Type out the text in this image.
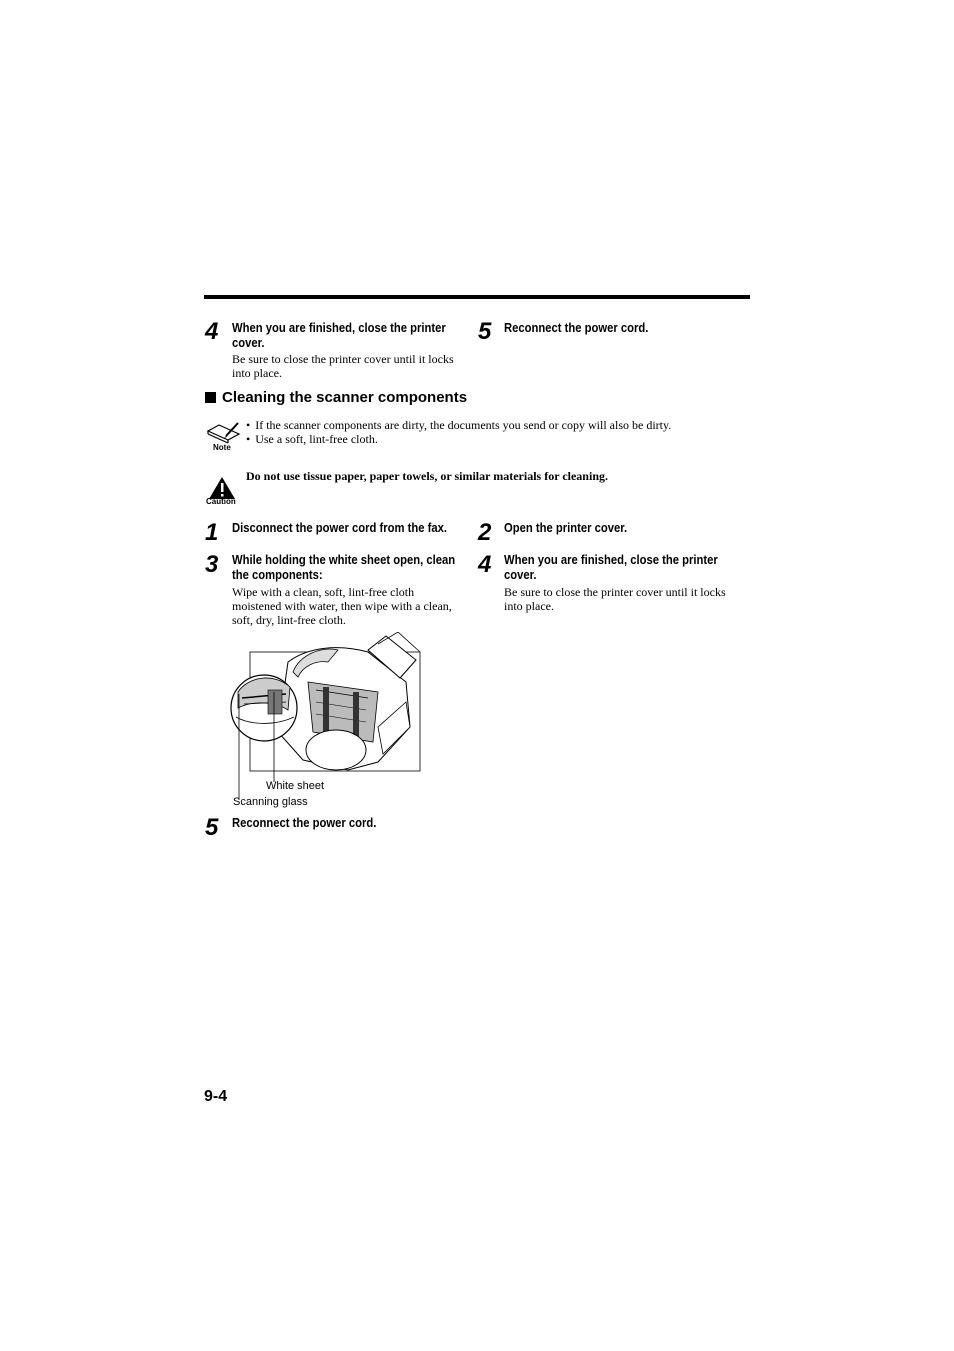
4 When you are finished, close the printer cover.
Be sure to close the printer cover until it locks into place.
5 Reconnect the power cord.
Cleaning the scanner components
Note
• If the scanner components are dirty, the documents you send or copy will also be dirty.
• Use a soft, lint-free cloth.
Caution
Do not use tissue paper, paper towels, or similar materials for cleaning.
1 Disconnect the power cord from the fax.	2 Open the printer cover.
3 While holding the white sheet open, clean the components:
Wipe with a clean, soft, lint-free cloth moistened with water, then wipe with a clean, soft, dry, lint-free cloth.
4 When you are finished, close the printer cover.
Be sure to close the printer cover until it locks into place.
White sheet
Scanning glass
5 Reconnect the power cord.
9-4
